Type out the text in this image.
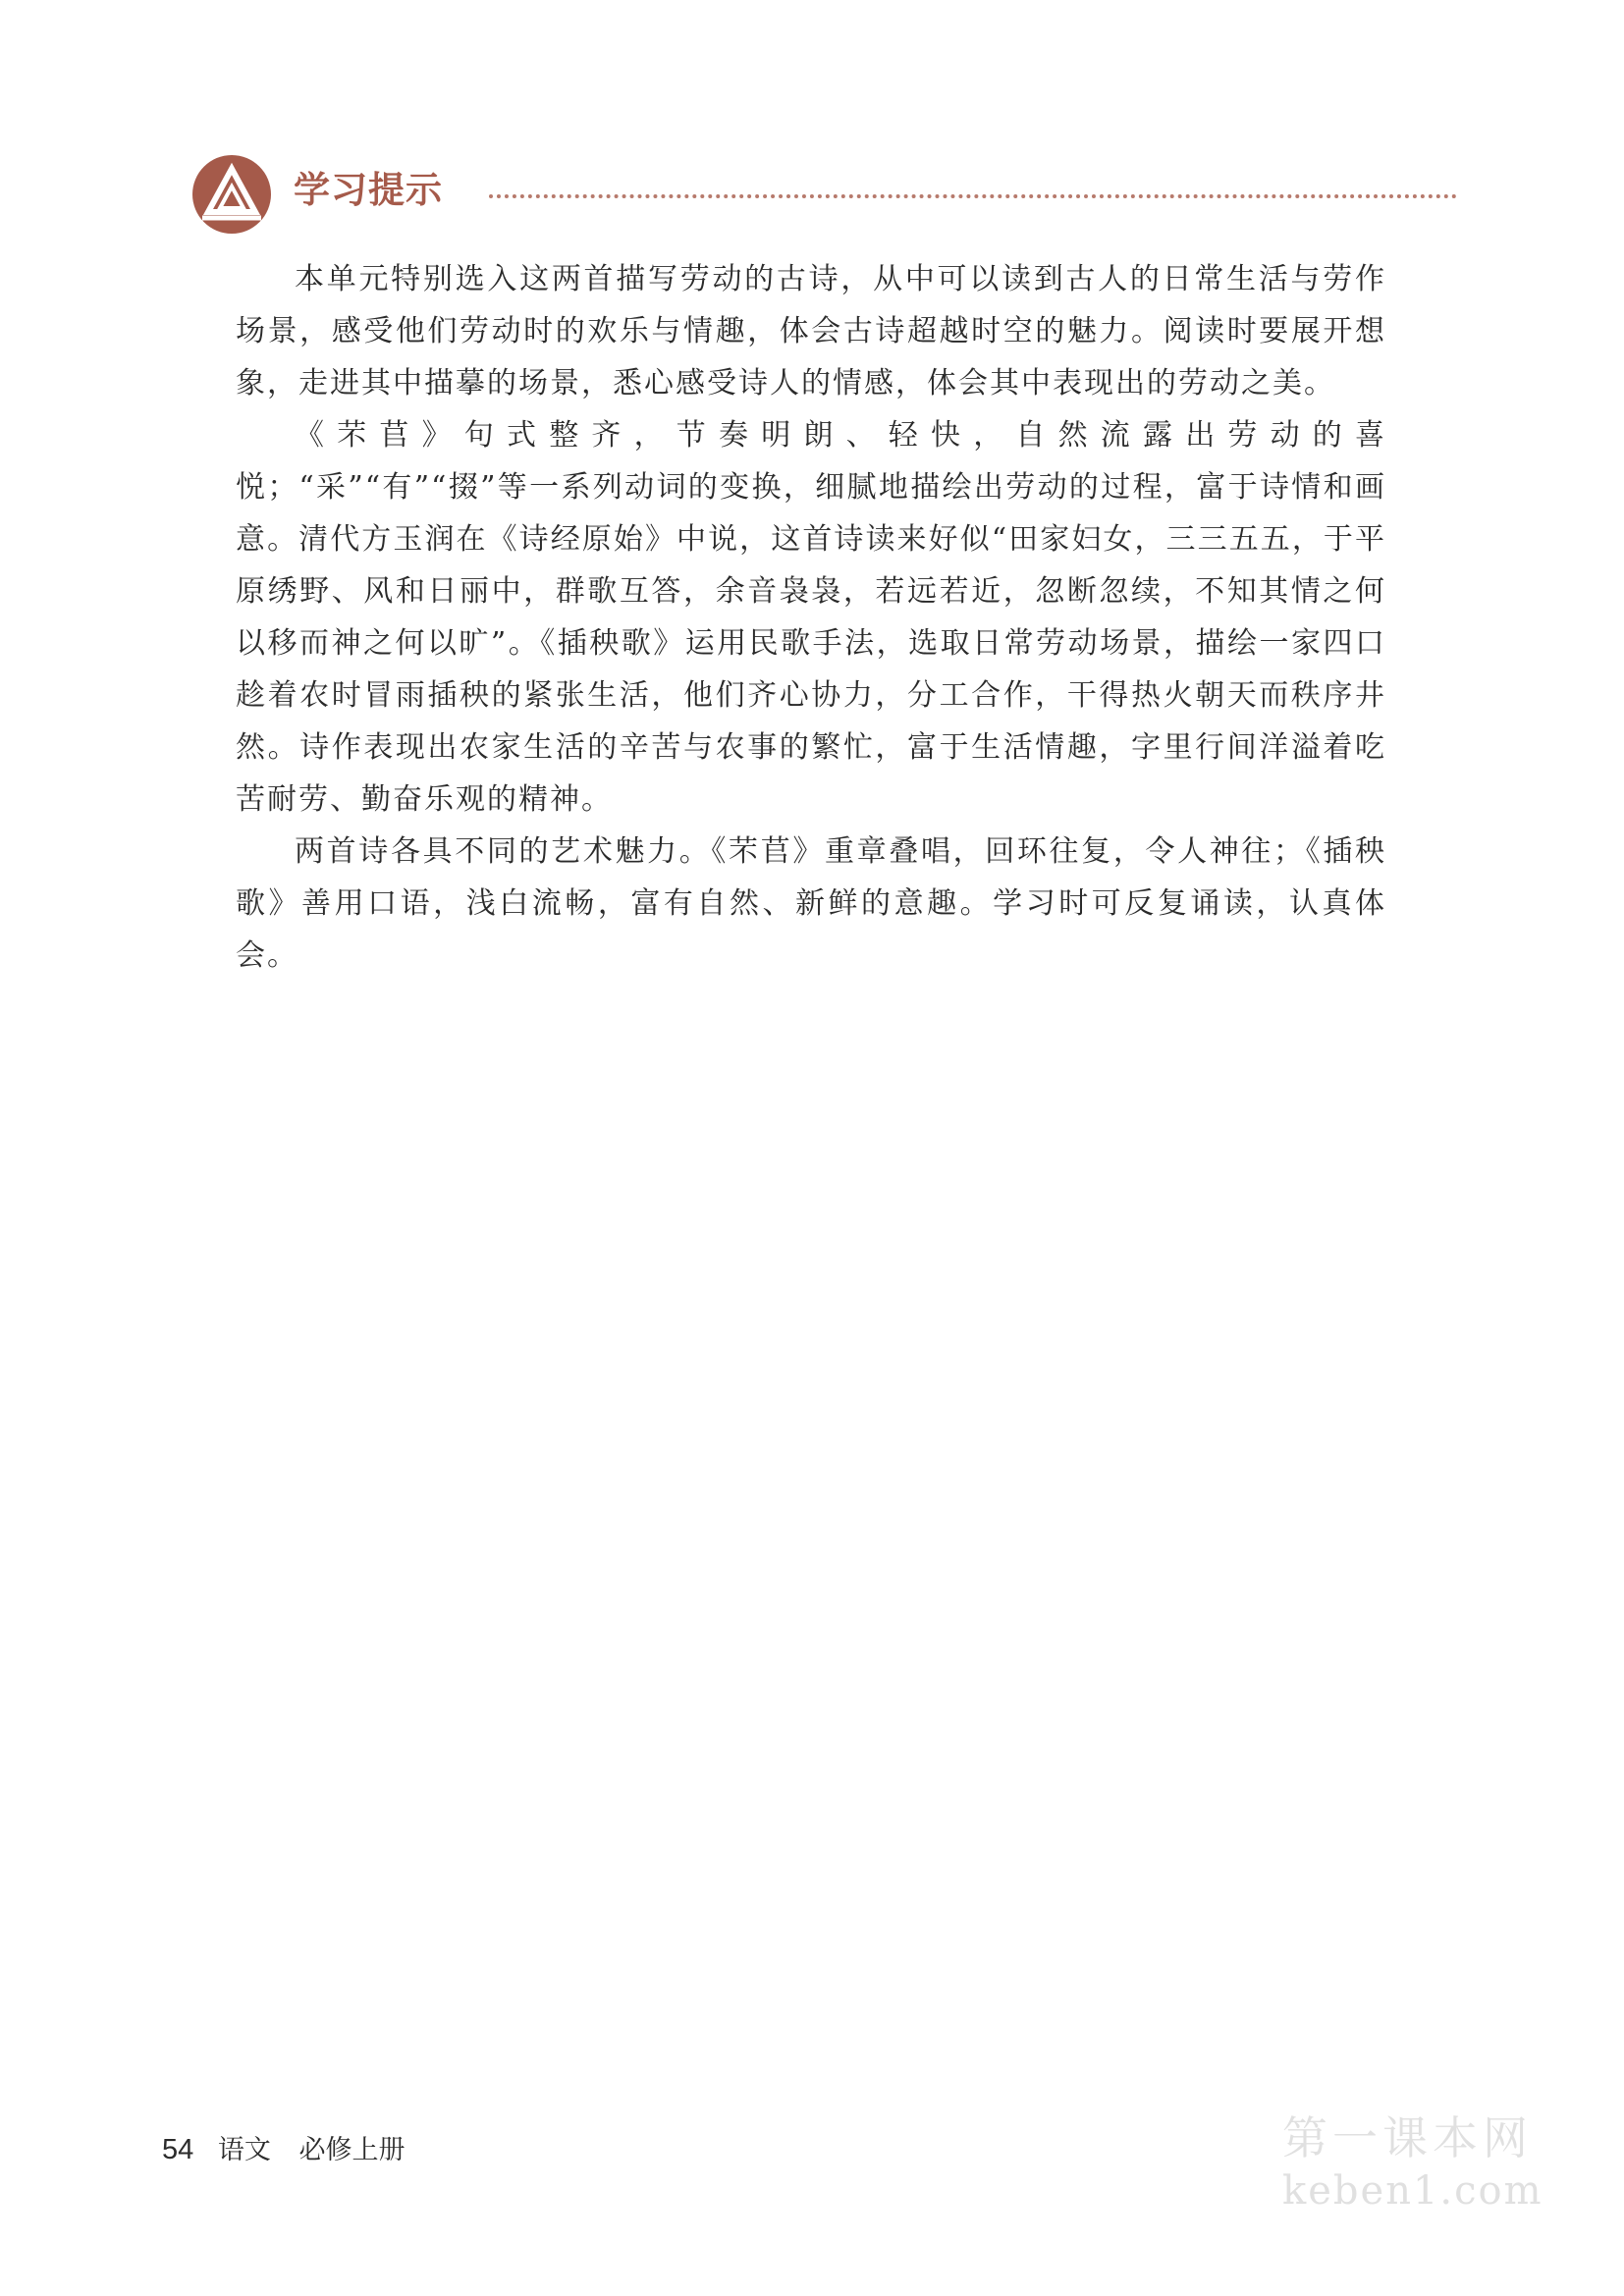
学习提示

本单元特别选入这两首描写劳动的古诗，从中可以读到古人的日常生活与劳作场景，感受他们劳动时的欢乐与情趣，体会古诗超越时空的魅力。阅读时要展开想象，走进其中描摹的场景，悉心感受诗人的情感，体会其中表现出的劳动之美。

《芣苢》句式整齐，节奏明朗、轻快，自然流露出劳动的喜悦；“采”“有”“掇”等一系列动词的变换，细腻地描绘出劳动的过程，富于诗情和画意。清代方玉润在《诗经原始》中说，这首诗读来好似“田家妇女，三三五五，于平原绣野、风和日丽中，群歌互答，余音袅袅，若远若近，忽断忽续，不知其情之何以移而神之何以旷”。《插秧歌》运用民歌手法，选取日常劳动场景，描绘一家四口趁着农时冒雨插秧的紧张生活，他们齐心协力，分工合作，干得热火朝天而秩序井然。诗作表现出农家生活的辛苦与农事的繁忙，富于生活情趣，字里行间洋溢着吃苦耐劳、勤奋乐观的精神。

两首诗各具不同的艺术魅力。《芣苢》重章叠唱，回环往复，令人神往；《插秧歌》善用口语，浅白流畅，富有自然、新鲜的意趣。学习时可反复诵读，认真体会。

54 语文 必修上册	第一课本网
keben1.com
